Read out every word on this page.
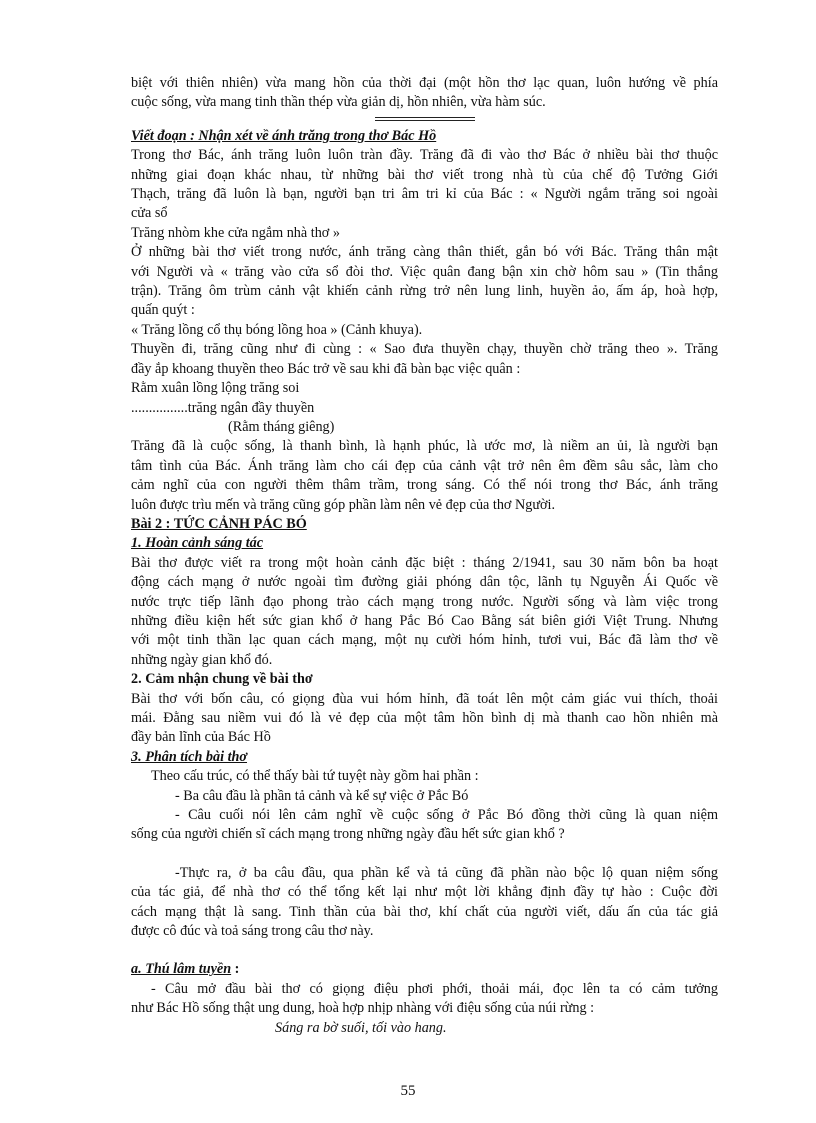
biệt với thiên nhiên) vừa mang hồn của thời đại (một hồn thơ lạc quan, luôn hướng về phía
cuộc sống, vừa mang tinh thần thép vừa giản dị, hồn nhiên, vừa hàm súc.
Viết đoạn : Nhận xét về ánh trăng trong thơ Bác Hồ
Trong thơ Bác, ánh trăng luôn luôn tràn đầy. Trăng đã đi vào thơ Bác ở nhiều bài thơ thuộc
những giai đoạn khác nhau, từ những bài thơ viết trong nhà tù của chế độ Tưởng Giới
Thạch, trăng đã luôn là bạn, người bạn tri âm tri kỉ của Bác : « Người ngắm trăng soi ngoài
cửa sổ
Trăng nhòm khe cửa ngắm nhà thơ »
Ở những bài thơ viết trong nước, ánh trăng càng thân thiết, gắn bó với Bác. Trăng thân mật
với Người và « trăng vào cửa sổ đòi thơ. Việc quân đang bận xin chờ hôm sau » (Tin thắng
trận). Trăng ôm trùm cảnh vật khiến cảnh rừng trở nên lung linh, huyền ảo, ấm áp, hoà hợp,
quấn quýt :
« Trăng lồng cổ thụ bóng lồng hoa » (Cảnh khuya).
Thuyền đi, trăng cũng như đi cùng : « Sao đưa thuyền chạy, thuyền chờ trăng theo ». Trăng
đầy ắp khoang thuyền theo Bác trở về sau khi đã bàn bạc việc quân :
Rằm xuân lồng lộng trăng soi
................trăng ngân đầy thuyền
(Rằm tháng giêng)
Trăng đã là cuộc sống, là thanh bình, là hạnh phúc, là ước mơ, là niềm an ủi, là người bạn
tâm tình của Bác. Ánh trăng làm cho cái đẹp của cảnh vật trở nên êm đềm sâu sắc, làm cho
cảm nghĩ của con người thêm thâm trầm, trong sáng. Có thể nói trong thơ Bác, ánh trăng
luôn được trìu mến và trăng cũng góp phần làm nên vẻ đẹp của thơ Người.
Bài 2 : TỨC CẢNH PÁC BÓ
1. Hoàn cảnh sáng tác
Bài thơ được viết ra trong một hoàn cảnh đặc biệt : tháng 2/1941, sau 30 năm bôn ba hoạt
động cách mạng ở nước ngoài tìm đường giải phóng dân tộc, lãnh tụ Nguyễn Ái Quốc về
nước trực tiếp lãnh đạo phong trào cách mạng trong nước. Người sống và làm việc trong
những điều kiện hết sức gian khổ ở hang Pắc Bó Cao Bằng sát biên giới Việt Trung. Nhưng
với một tinh thần lạc quan cách mạng, một nụ cười hóm hỉnh, tươi vui, Bác đã làm thơ về
những ngày gian khổ đó.
2. Cảm nhận chung về bài thơ
Bài thơ với bốn câu, có giọng đùa vui hóm hỉnh, đã toát lên một cảm giác vui thích, thoải
mái. Đằng sau niềm vui đó là vẻ đẹp của một tâm hồn bình dị mà thanh cao hồn nhiên mà
đầy bản lĩnh của Bác Hồ
3. Phân tích bài thơ
Theo cấu trúc, có thể thấy bài tứ tuyệt này gồm hai phần :
- Ba câu đầu là phần tả cảnh và kể sự việc ở Pắc Bó
- Câu cuối nói lên cảm nghĩ về cuộc sống ở Pắc Bó đồng thời cũng là quan niệm
sống của người chiến sĩ cách mạng trong những ngày đầu hết sức gian khổ ?
-Thực ra, ở ba câu đầu, qua phần kể và tả cũng đã phần nào bộc lộ quan niệm sống
của tác giả, để nhà thơ có thể tổng kết lại như một lời khẳng định đầy tự hào : Cuộc đời
cách mạng thật là sang. Tinh thần của bài thơ, khí chất của người viết, dấu ấn của tác giả
được cô đúc và toả sáng trong câu thơ này.
a. Thú lâm tuyền :
- Câu mở đầu bài thơ có giọng điệu phơi phới, thoải mái, đọc lên ta có cảm tưởng
như Bác Hồ sống thật ung dung, hoà hợp nhịp nhàng với điệu sống của núi rừng :
Sáng ra bờ suối, tối vào hang.
55
